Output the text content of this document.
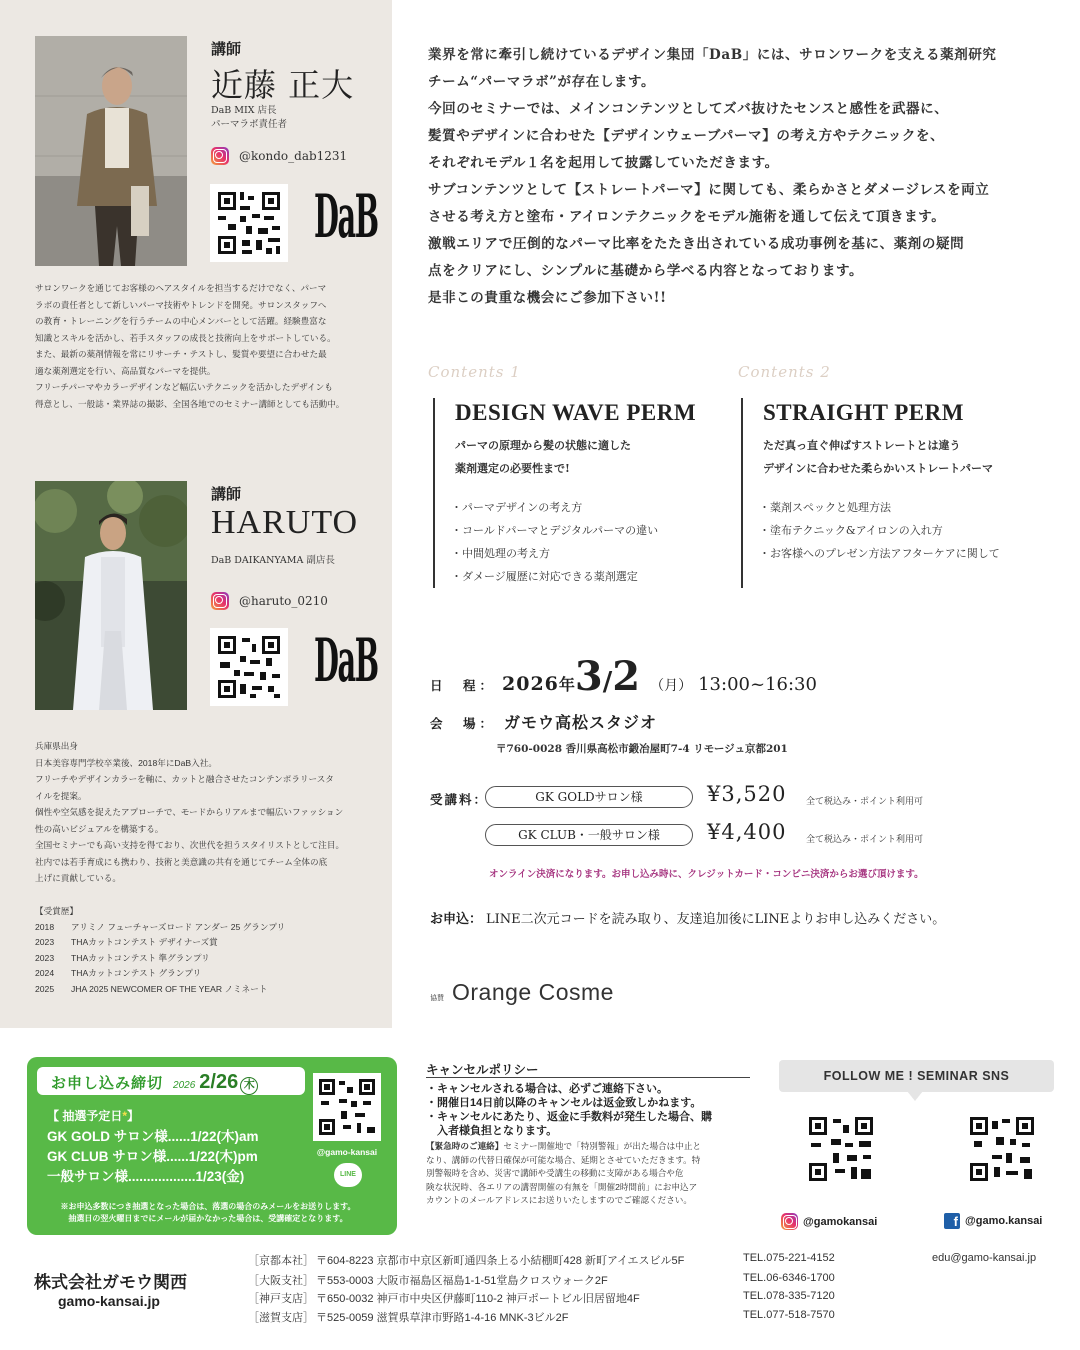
講師
近藤 正大
DaB MIX 店長
パーマラボ責任者
@kondo_dab1231
DaB
サロンワークを通じてお客様のヘアスタイルを担当するだけでなく、パーマ
ラボの責任者として新しいパーマ技術やトレンドを開発。サロンスタッフへ
の教育・トレーニングを行うチームの中心メンバーとして活躍。経験豊富な
知識とスキルを活かし、若手スタッフの成長と技術向上をサポートしている。
また、最新の薬剤情報を常にリサーチ・テストし、髪質や要望に合わせた最
適な薬剤選定を行い、高品質なパーマを提供。
フリーチパーマやカラーデザインなど幅広いテクニックを活かしたデザインも
得意とし、一般誌・業界誌の撮影、全国各地でのセミナー講師としても活動中。
講師
HARUTO
DaB DAIKANYAMA 副店長
@haruto_0210
DaB
兵庫県出身
日本美容専門学校卒業後、2018年にDaB入社。
フリーチやデザインカラーを軸に、カットと融合させたコンテンポラリースタ
イルを提案。
個性や空気感を捉えたアプローチで、モードからリアルまで幅広いファッション
性の高いビジュアルを構築する。
全国セミナーでも高い支持を得ており、次世代を担うスタイリストとして注目。
社内では若手育成にも携わり、技術と美意識の共有を通じてチーム全体の底
上げに貢献している。
【受賞歴】
2018	アリミノ フューチャーズロード アンダー 25 グランプリ
2023	THAカットコンテスト デザイナーズ賞
2023	THAカットコンテスト 準グランプリ
2024	THAカットコンテスト グランプリ
2025	JHA 2025 NEWCOMER OF THE YEAR ノミネート

業界を常に牽引し続けているデザイン集団「DaB」には、サロンワークを支える薬剤研究

チーム“パーマラボ”が存在します。

今回のセミナーでは、メインコンテンツとしてズバ抜けたセンスと感性を武器に、

髪質やデザインに合わせた【デザインウェーブパーマ】の考え方やテクニックを、

それぞれモデル１名を起用して披露していただきます。

サブコンテンツとして【ストレートパーマ】に関しても、柔らかさとダメージレスを両立

させる考え方と塗布・アイロンテクニックをモデル施術を通して伝えて頂きます。

激戦エリアで圧倒的なパーマ比率をたたき出されている成功事例を基に、薬剤の疑問

点をクリアにし、シンプルに基礎から学べる内容となっております。

是非この貴重な機会にご参加下さい!!

Contents 1
DESIGN WAVE PERM
パーマの原理から髪の状態に適した
薬剤選定の必要性まで!
・パーマデザインの考え方
・コールドパーマとデジタルパーマの違い
・中間処理の考え方
・ダメージ履歴に対応できる薬剤選定
Contents 2
STRAIGHT PERM
ただ真っ直ぐ伸ばすストレートとは違う
デザインに合わせた柔らかいストレートパーマ
・薬剤スペックと処理方法
・塗布テクニック&アイロンの入れ方
・お客様へのプレゼン方法アフターケアに関して
日　程： 2026 年 3 / 2 （月） 13:00~16:30
会　場： ガモウ高松スタジオ
〒760-0028 香川県高松市鍛冶屋町7-4 リモージュ京都201
受講料：	GK GOLDサロン様	¥3,520 全て税込み・ポイント利用可
GK CLUB・一般サロン様	¥4,400 全て税込み・ポイント利用可
オンライン決済になります。お申し込み時に、クレジットカード・コンビニ決済からお選び頂けます。
お申込： LINE二次元コードを読み取り、友達追加後にLINEよりお申し込みください。
協賛 Orange Cosme
お申し込み締切 2026 2/26 木
【 抽選予定日*】
GK GOLD サロン様......1/22(木)am
GK CLUB サロン様......1/22(木)pm
一般サロン様..................1/23(金)
※お申込多数につき抽選となった場合は、落選の場合のみメールをお送りします。
抽選日の翌火曜日までにメールが届かなかった場合は、受講確定となります。
@gamo-kansai
LINE
キャンセルポリシー
・キャンセルされる場合は、必ずご連絡下さい。
・開催日14日前以降のキャンセルは返金致しかねます。
・キャンセルにあたり、返金に手数料が発生した場合、購
　入者様負担となります。
【緊急時のご連絡】セミナー開催地で「特別警報」が出た場合は中止と
なり、講師の代替日確保が可能な場合、延期とさせていただきます。特
別警報時を含め、災害で講師や受講生の移動に支障がある場合や危
険な状況時、各エリアの講習開催の有無を「開催2時間前」にお申込ア
カウントのメールアドレスにお送りいたしますのでご確認ください。
FOLLOW ME ! SEMINAR SNS
@gamokansai	f @gamo.kansai
株式会社ガモウ関西
gamo-kansai.jp
［京都本社］ 〒604-8223 京都市中京区新町通四条上る小結棚町428 新町アイエスビル5F	TEL.075-221-4152
［大阪支社］ 〒553-0003 大阪市福島区福島1-1-51堂島クロスウォーク2F	TEL.06-6346-1700
［神戸支店］ 〒650-0032 神戸市中央区伊藤町110-2 神戸ポートビル旧居留地4F	TEL.078-335-7120
［滋賀支店］ 〒525-0059 滋賀県草津市野路1-4-16 MNK-3ビル2F	TEL.077-518-7570
edu@gamo-kansai.jp
